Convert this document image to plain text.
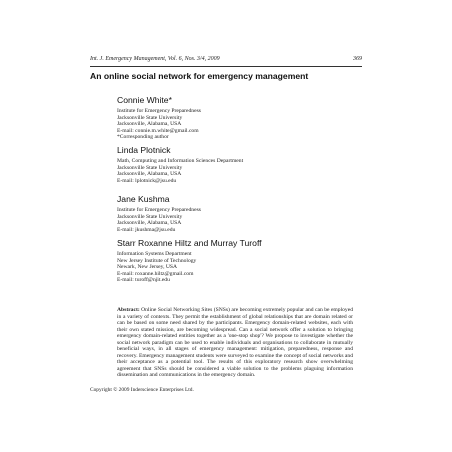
Int. J. Emergency Management, Vol. 6, Nos. 3/4, 2009	369
An online social network for emergency management
Connie White*
Institute for Emergency Preparedness
Jacksonville State University
Jacksonville, Alabama, USA
E-mail: connie.m.white@gmail.com
*Corresponding author
Linda Plotnick
Math, Computing and Information Sciences Department
Jacksonville State University
Jacksonville, Alabama, USA
E-mail: lplotnick@jsu.edu
Jane Kushma
Institute for Emergency Preparedness
Jacksonville State University
Jacksonville, Alabama, USA
E-mail: jkushma@jsu.edu
Starr Roxanne Hiltz and Murray Turoff
Information Systems Department
New Jersey Institute of Technology
Newark, New Jersey, USA
E-mail: roxanne.hiltz@gmail.com
E-mail: turoff@njit.edu
Abstract: Online Social Networking Sites (SNSs) are becoming extremely popular and can be employed in a variety of contexts. They permit the establishment of global relationships that are domain related or can be based on some need shared by the participants. Emergency domain-related websites, each with their own stated mission, are becoming widespread. Can a social network offer a solution to bringing emergency domain-related entities together as a 'one-stop shop'? We propose to investigate whether the social network paradigm can be used to enable individuals and organisations to collaborate in mutually beneficial ways, in all stages of emergency management: mitigation, preparedness, response and recovery. Emergency management students were surveyed to examine the concept of social networks and their acceptance as a potential tool. The results of this exploratory research show overwhelming agreement that SNSs should be considered a viable solution to the problems plaguing information dissemination and communications in the emergency domain.
Copyright © 2009 Inderscience Enterprises Ltd.
